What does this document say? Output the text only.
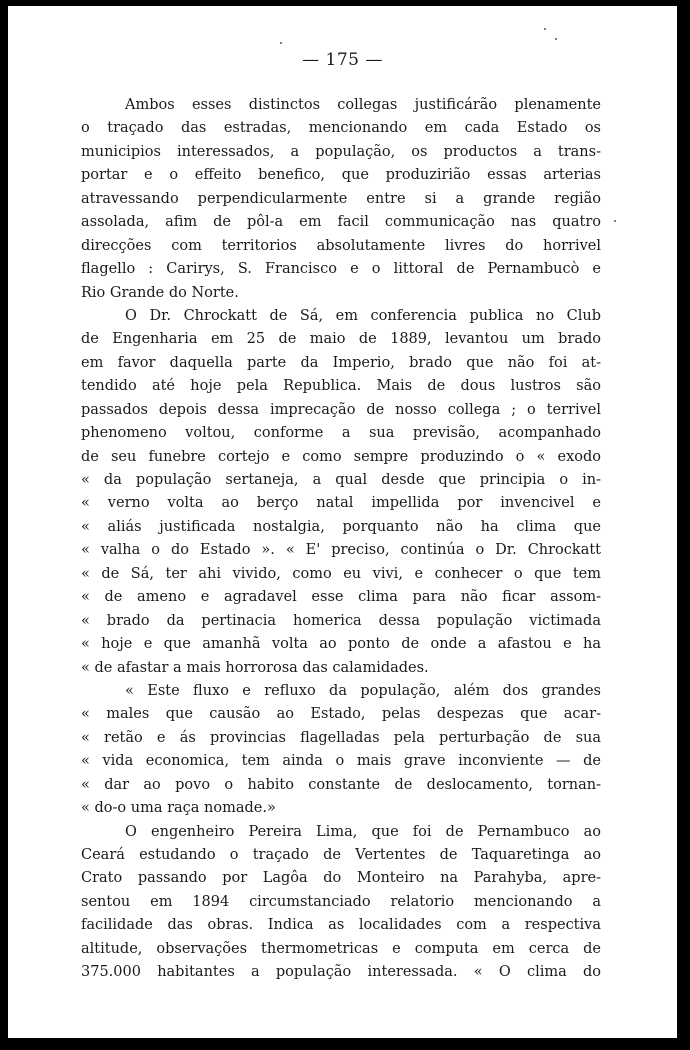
— 175 —

Ambos esses distinctos collegas justificárão plenamente
o traçado das estradas, mencionando em cada Estado os
municipios interessados, a população, os productos a trans-
portar e o effeito benefico, que produzirião essas arterias
atravessando perpendicularmente entre si a grande região
assolada, afim de pôl-a em facil communicação nas quatro
direcções com territorios absolutamente livres do horrivel
flagello : Carirys, S. Francisco e o littoral de Pernambucò e
Rio Grande do Norte.
O Dr. Chrockatt de Sá, em conferencia publica no Club
de Engenharia em 25 de maio de 1889, levantou um brado
em favor daquella parte da Imperio, brado que não foi at-
tendido até hoje pela Republica. Mais de dous lustros são
passados depois dessa imprecação de nosso collega ; o terrivel
phenomeno voltou, conforme a sua previsão, acompanhado
de seu funebre cortejo e como sempre produzindo o « exodo
« da população sertaneja, a qual desde que principia o in-
« verno volta ao berço natal impellida por invencivel e
« aliás justificada nostalgia, porquanto não ha clima que
« valha o do Estado ». « E' preciso, continúa o Dr. Chrockatt
« de Sá, ter ahi vivido, como eu vivi, e conhecer o que tem
« de ameno e agradavel esse clima para não ficar assom-
« brado da pertinacia homerica dessa população victimada
« hoje e que amanhã volta ao ponto de onde a afastou e ha
« de afastar a mais horrorosa das calamidades.
« Este fluxo e refluxo da população, além dos grandes
« males que causão ao Estado, pelas despezas que acar-
« retão e ás provincias flagelladas pela perturbação de sua
« vida economica, tem ainda o mais grave inconviente — de
« dar ao povo o habito constante de deslocamento, tornan-
« do-o uma raça nomade.»
O engenheiro Pereira Lima, que foi de Pernambuco ao
Ceará estudando o traçado de Vertentes de Taquaretinga ao
Crato passando por Lagôa do Monteiro na Parahyba, apre-
sentou em 1894 circumstanciado relatorio mencionando a
facilidade das obras. Indica as localidades com a respectiva
altitude, observações thermometricas e computa em cerca de
375.000 habitantes a população interessada. « O clima do
